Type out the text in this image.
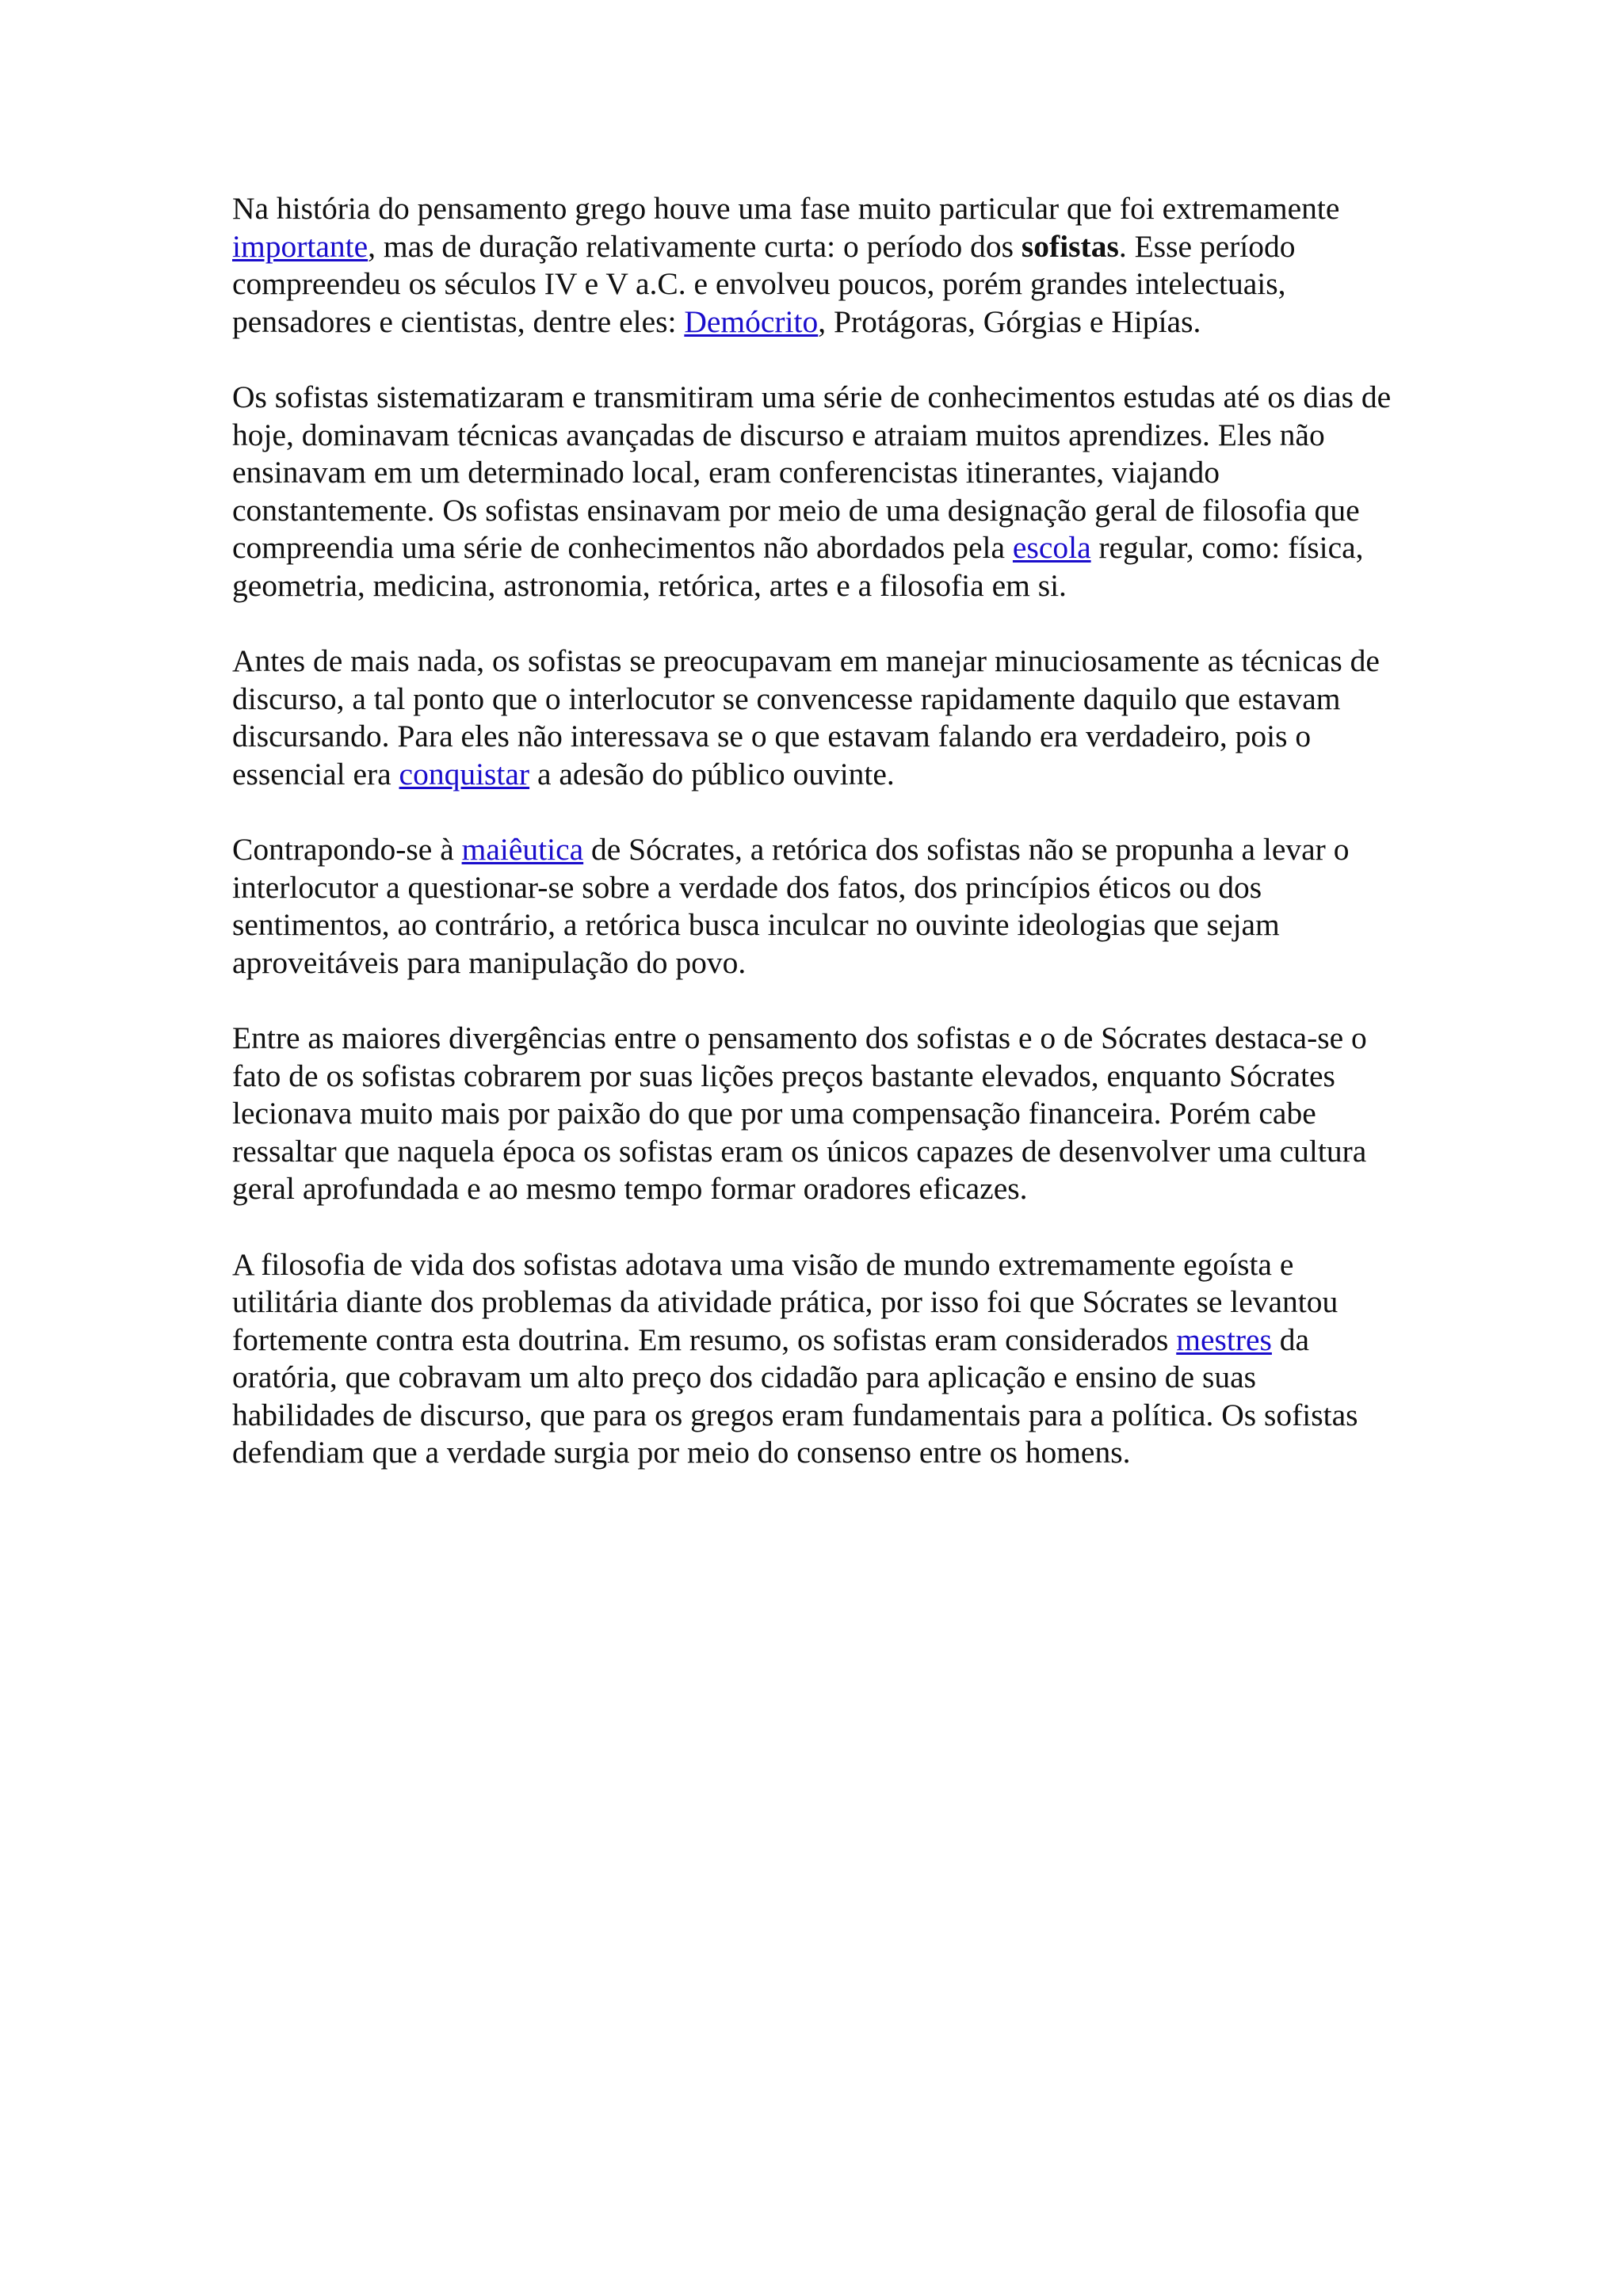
Na história do pensamento grego houve uma fase muito particular que foi extremamente importante, mas de duração relativamente curta: o período dos sofistas. Esse período compreendeu os séculos IV e V a.C. e envolveu poucos, porém grandes intelectuais, pensadores e cientistas, dentre eles: Demócrito, Protágoras, Górgias e Hipías.

Os sofistas sistematizaram e transmitiram uma série de conhecimentos estudas até os dias de hoje, dominavam técnicas avançadas de discurso e atraiam muitos aprendizes. Eles não ensinavam em um determinado local, eram conferencistas itinerantes, viajando constantemente. Os sofistas ensinavam por meio de uma designação geral de filosofia que compreendia uma série de conhecimentos não abordados pela escola regular, como: física, geometria, medicina, astronomia, retórica, artes e a filosofia em si.

Antes de mais nada, os sofistas se preocupavam em manejar minuciosamente as técnicas de discurso, a tal ponto que o interlocutor se convencesse rapidamente daquilo que estavam discursando. Para eles não interessava se o que estavam falando era verdadeiro, pois o essencial era conquistar a adesão do público ouvinte.

Contrapondo-se à maiêutica de Sócrates, a retórica dos sofistas não se propunha a levar o interlocutor a questionar-se sobre a verdade dos fatos, dos princípios éticos ou dos sentimentos, ao contrário, a retórica busca inculcar no ouvinte ideologias que sejam aproveitáveis para manipulação do povo.

Entre as maiores divergências entre o pensamento dos sofistas e o de Sócrates destaca-se o fato de os sofistas cobrarem por suas lições preços bastante elevados, enquanto Sócrates lecionava muito mais por paixão do que por uma compensação financeira. Porém cabe ressaltar que naquela época os sofistas eram os únicos capazes de desenvolver uma cultura geral aprofundada e ao mesmo tempo formar oradores eficazes.

A filosofia de vida dos sofistas adotava uma visão de mundo extremamente egoísta e utilitária diante dos problemas da atividade prática, por isso foi que Sócrates se levantou fortemente contra esta doutrina. Em resumo, os sofistas eram considerados mestres da oratória, que cobravam um alto preço dos cidadão para aplicação e ensino de suas habilidades de discurso, que para os gregos eram fundamentais para a política. Os sofistas defendiam que a verdade surgia por meio do consenso entre os homens.
